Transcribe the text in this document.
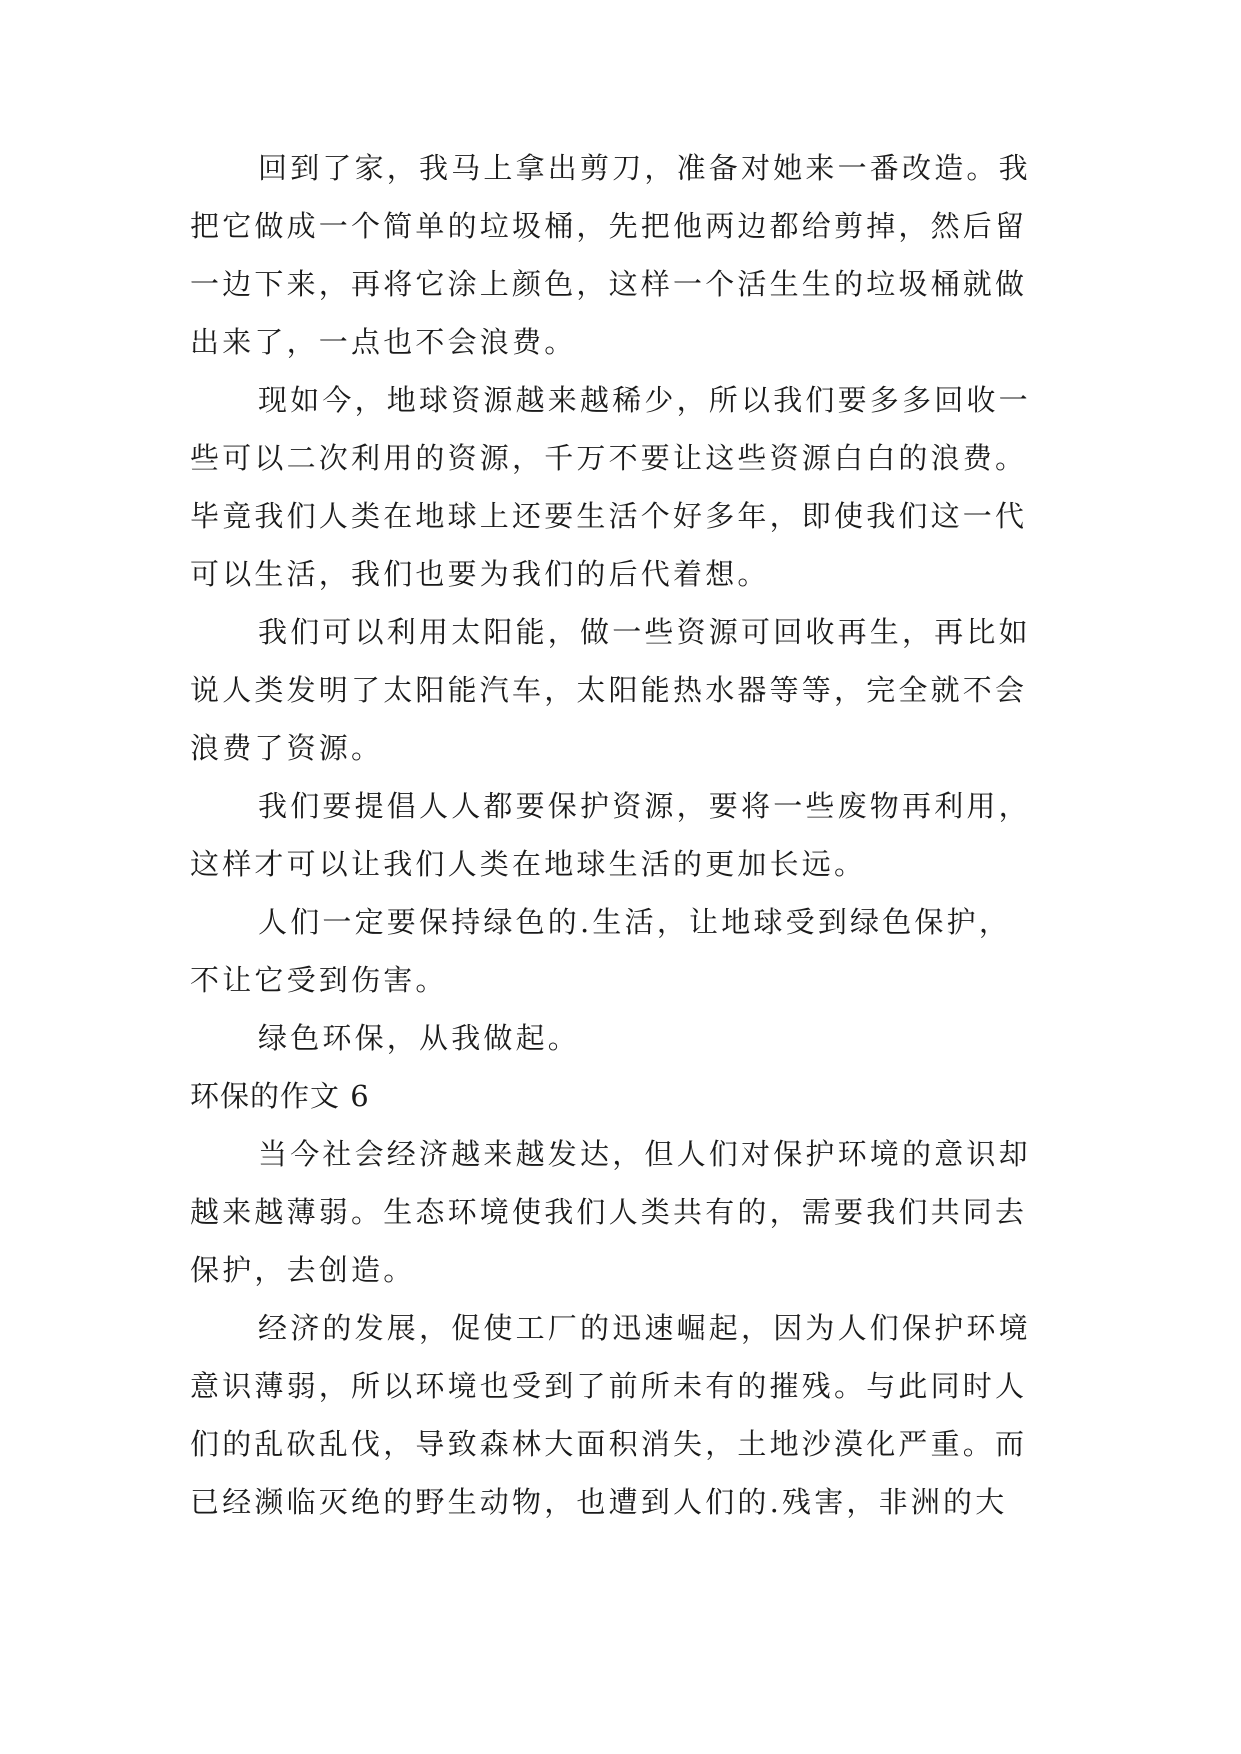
回到了家，我马上拿出剪刀，准备对她来一番改造。我
把它做成一个简单的垃圾桶，先把他两边都给剪掉，然后留
一边下来，再将它涂上颜色，这样一个活生生的垃圾桶就做
出来了，一点也不会浪费。
现如今，地球资源越来越稀少，所以我们要多多回收一
些可以二次利用的资源，千万不要让这些资源白白的浪费。
毕竟我们人类在地球上还要生活个好多年，即使我们这一代
可以生活，我们也要为我们的后代着想。
我们可以利用太阳能，做一些资源可回收再生，再比如
说人类发明了太阳能汽车，太阳能热水器等等，完全就不会
浪费了资源。
我们要提倡人人都要保护资源，要将一些废物再利用，
这样才可以让我们人类在地球生活的更加长远。
人们一定要保持绿色的.生活，让地球受到绿色保护，
不让它受到伤害。
绿色环保，从我做起。
环保的作文 6
当今社会经济越来越发达，但人们对保护环境的意识却
越来越薄弱。生态环境使我们人类共有的，需要我们共同去
保护，去创造。
经济的发展，促使工厂的迅速崛起，因为人们保护环境
意识薄弱，所以环境也受到了前所未有的摧残。与此同时人
们的乱砍乱伐，导致森林大面积消失，土地沙漠化严重。而
已经濒临灭绝的野生动物，也遭到人们的.残害，非洲的大
